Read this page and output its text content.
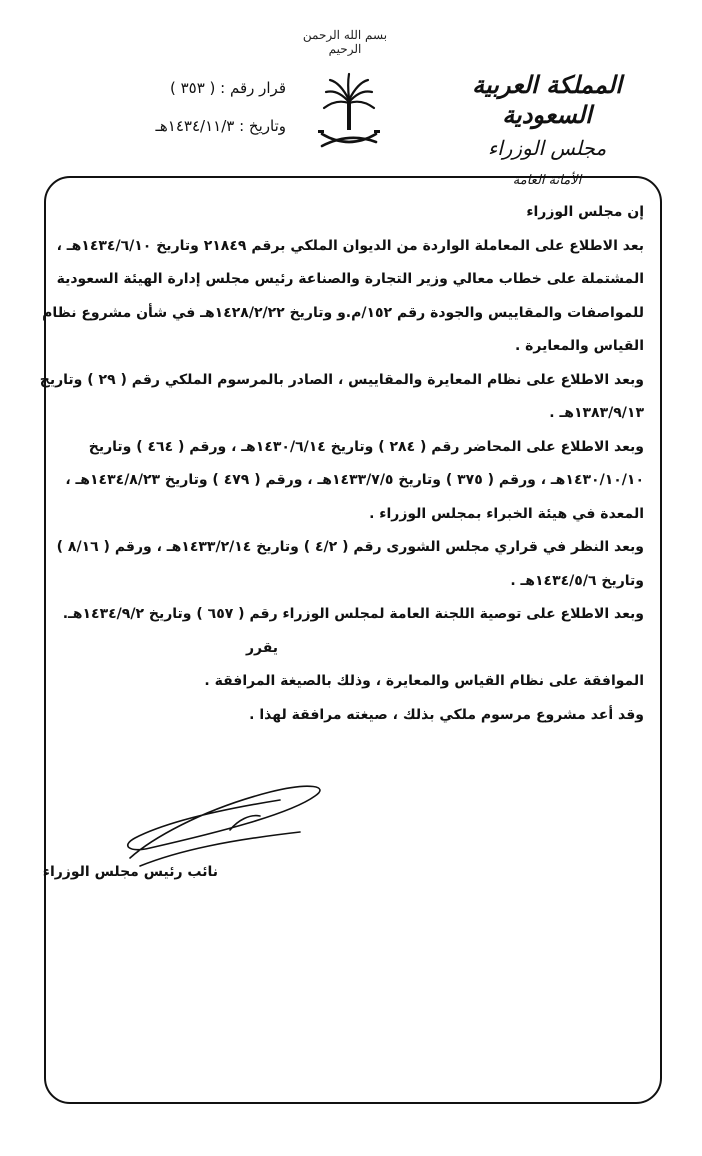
بسم الله الرحمن الرحيم
المملكة العربية السعودية
مجلس الوزراء
الأمانة العامة
قرار رقم : ( ٣٥٣ )
وتاريخ : ١٤٣٤/١١/٣هـ
إن مجلس الوزراء
بعد الاطلاع على المعاملة الواردة من الديوان الملكي برقم ٢١٨٤٩ وتاريخ ١٤٣٤/٦/١٠هـ ،
المشتملة على خطاب معالي وزير التجارة والصناعة رئيس مجلس إدارة الهيئة السعودية
للمواصفات والمقاييس والجودة رقم ١٥٢/م.و وتاريخ ١٤٢٨/٢/٢٢هـ في شأن مشروع نظام
القياس والمعايرة .
وبعد الاطلاع على نظام المعايرة والمقاييس ، الصادر بالمرسوم الملكي رقم ( ٢٩ ) وتاريخ
١٣٨٣/٩/١٣هـ .
وبعد الاطلاع على المحاضر رقم ( ٢٨٤ ) وتاريخ ١٤٣٠/٦/١٤هـ ، ورقم ( ٤٦٤ ) وتاريخ
١٤٣٠/١٠/١٠هـ ، ورقم ( ٣٧٥ ) وتاريخ ١٤٣٣/٧/٥هـ ، ورقم ( ٤٧٩ ) وتاريخ ١٤٣٤/٨/٢٣هـ ،
المعدة في هيئة الخبراء بمجلس الوزراء .
وبعد النظر في قراري مجلس الشورى رقم ( ٤/٢ ) وتاريخ ١٤٣٣/٢/١٤هـ ، ورقم ( ٨/١٦ )
وتاريخ ١٤٣٤/٥/٦هـ .
وبعد الاطلاع على توصية اللجنة العامة لمجلس الوزراء رقم ( ٦٥٧ ) وتاريخ ١٤٣٤/٩/٢هـ.
يقرر
الموافقة على نظام القياس والمعايرة ، وذلك بالصيغة المرافقة .
وقد أعد مشروع مرسوم ملكي بذلك ، صيغته مرافقة لهذا .
نائب رئيس مجلس الوزراء
